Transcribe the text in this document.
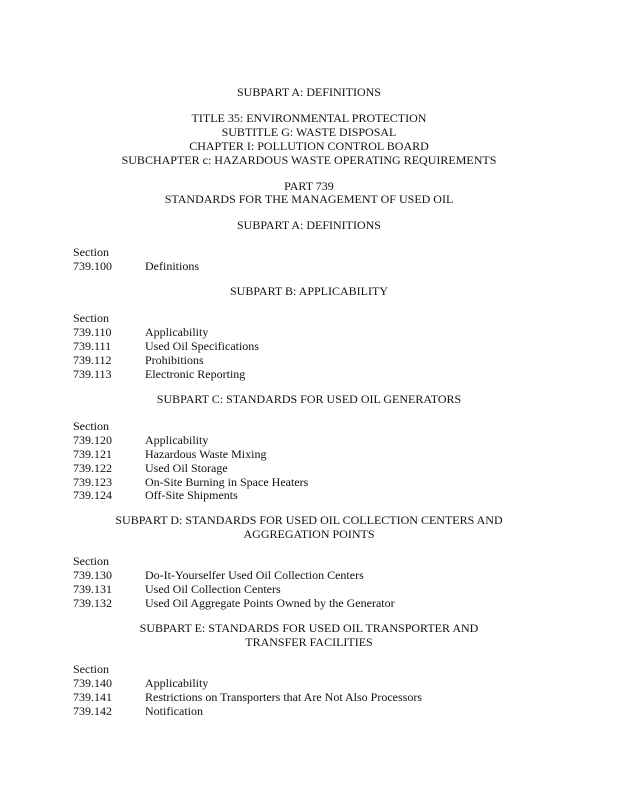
SUBPART A: DEFINITIONS
TITLE 35: ENVIRONMENTAL PROTECTION
SUBTITLE G: WASTE DISPOSAL
CHAPTER I: POLLUTION CONTROL BOARD
SUBCHAPTER c: HAZARDOUS WASTE OPERATING REQUIREMENTS
PART 739
STANDARDS FOR THE MANAGEMENT OF USED OIL
SUBPART A: DEFINITIONS
Section
739.100	Definitions
SUBPART B: APPLICABILITY
Section
739.110	Applicability
739.111	Used Oil Specifications
739.112	Prohibitions
739.113	Electronic Reporting
SUBPART C: STANDARDS FOR USED OIL GENERATORS
Section
739.120	Applicability
739.121	Hazardous Waste Mixing
739.122	Used Oil Storage
739.123	On-Site Burning in Space Heaters
739.124	Off-Site Shipments
SUBPART D: STANDARDS FOR USED OIL COLLECTION CENTERS AND
AGGREGATION POINTS
Section
739.130	Do-It-Yourselfer Used Oil Collection Centers
739.131	Used Oil Collection Centers
739.132	Used Oil Aggregate Points Owned by the Generator
SUBPART E: STANDARDS FOR USED OIL TRANSPORTER AND
TRANSFER FACILITIES
Section
739.140	Applicability
739.141	Restrictions on Transporters that Are Not Also Processors
739.142	Notification
